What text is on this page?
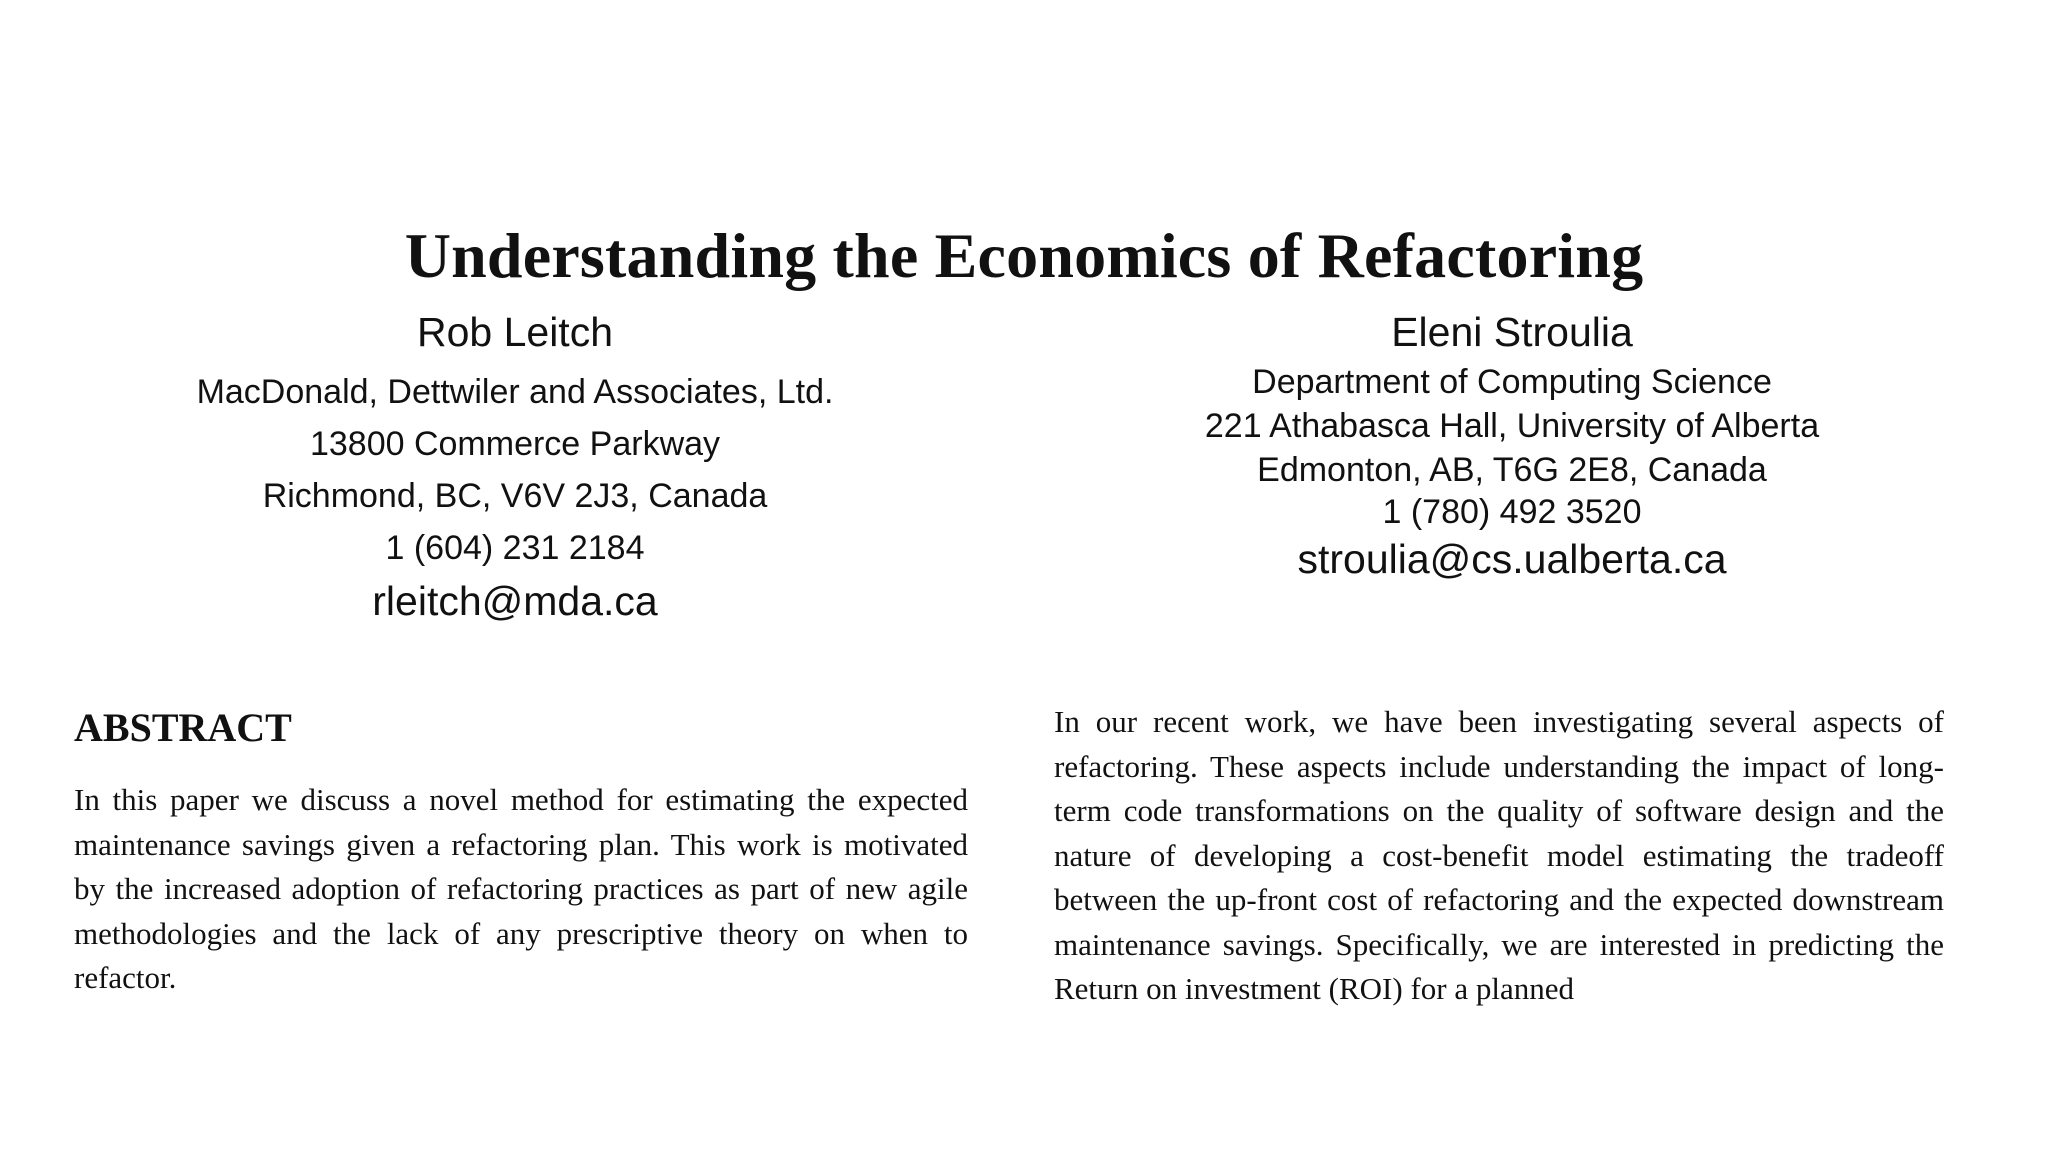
Understanding the Economics of Refactoring
Rob Leitch
MacDonald, Dettwiler and Associates, Ltd.
13800 Commerce Parkway
Richmond, BC, V6V 2J3, Canada
1 (604) 231 2184
rleitch@mda.ca
Eleni Stroulia
Department of Computing Science
221 Athabasca Hall, University of Alberta
Edmonton, AB, T6G 2E8, Canada
1 (780) 492 3520
stroulia@cs.ualberta.ca
ABSTRACT
In this paper we discuss a novel method for estimating the expected maintenance savings given a refactoring plan. This work is motivated by the increased adoption of refactoring practices as part of new agile methodologies and the lack of any prescriptive theory on when to refactor.
In our recent work, we have been investigating several aspects of refactoring. These aspects include understanding the impact of long-term code transformations on the quality of software design and the nature of developing a cost-benefit model estimating the tradeoff between the up-front cost of refactoring and the expected downstream maintenance savings. Specifically, we are interested in predicting the Return on investment (ROI) for a planned
